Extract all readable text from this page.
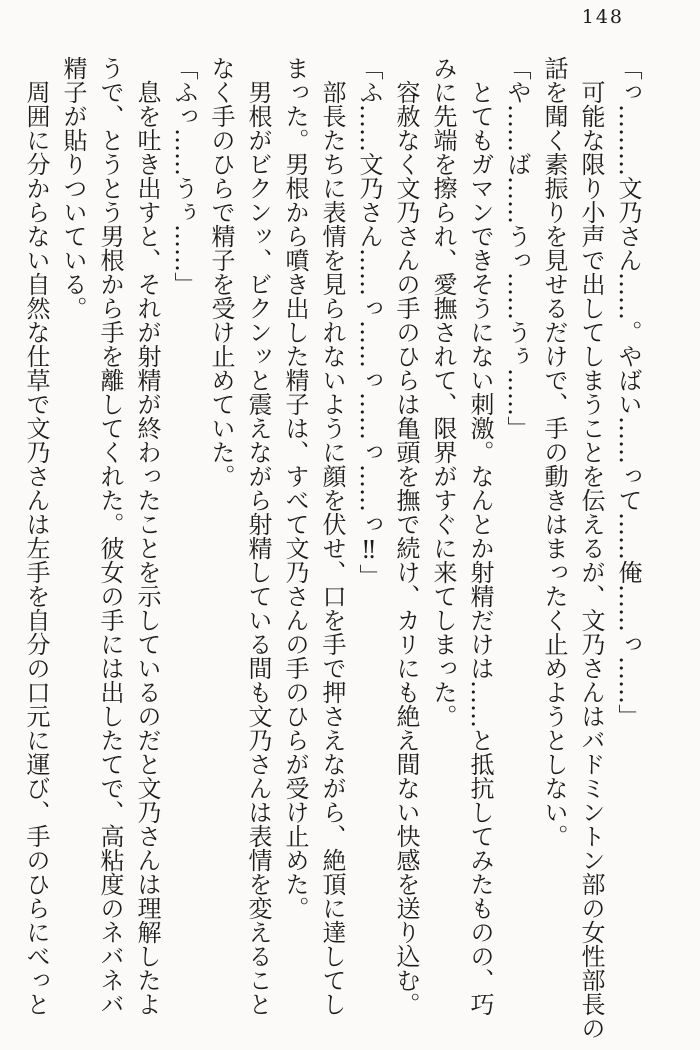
148
「っ………文乃さん……。やばい……って……俺……っ……」
可能な限り小声で出してしまうことを伝えるが、文乃さんはバドミントン部の女性部長の
話を聞く素振りを見せるだけで、手の動きはまったく止めようとしない。
「や……ば……うっ……うぅ……」
とてもガマンできそうにない刺激。なんとか射精だけは……と抵抗してみたものの、巧
みに先端を擦られ、愛撫されて、限界がすぐに来てしまった。
容赦なく文乃さんの手のひらは亀頭を撫で続け、カリにも絶え間ない快感を送り込む。
「ふ……文乃さん……っ……っ……っ……っ‼」
部長たちに表情を見られないように顔を伏せ、口を手で押さえながら、絶頂に達してし
まった。男根から噴き出した精子は、すべて文乃さんの手のひらが受け止めた。
男根がビクンッ、ビクンッと震えながら射精している間も文乃さんは表情を変えること
なく手のひらで精子を受け止めていた。
「ふっ……うぅ……」
息を吐き出すと、それが射精が終わったことを示しているのだと文乃さんは理解したよ
うで、とうとう男根から手を離してくれた。彼女の手には出したてで、高粘度のネバネバ
精子が貼りついている。
周囲に分からない自然な仕草で文乃さんは左手を自分の口元に運び、手のひらにべっと
